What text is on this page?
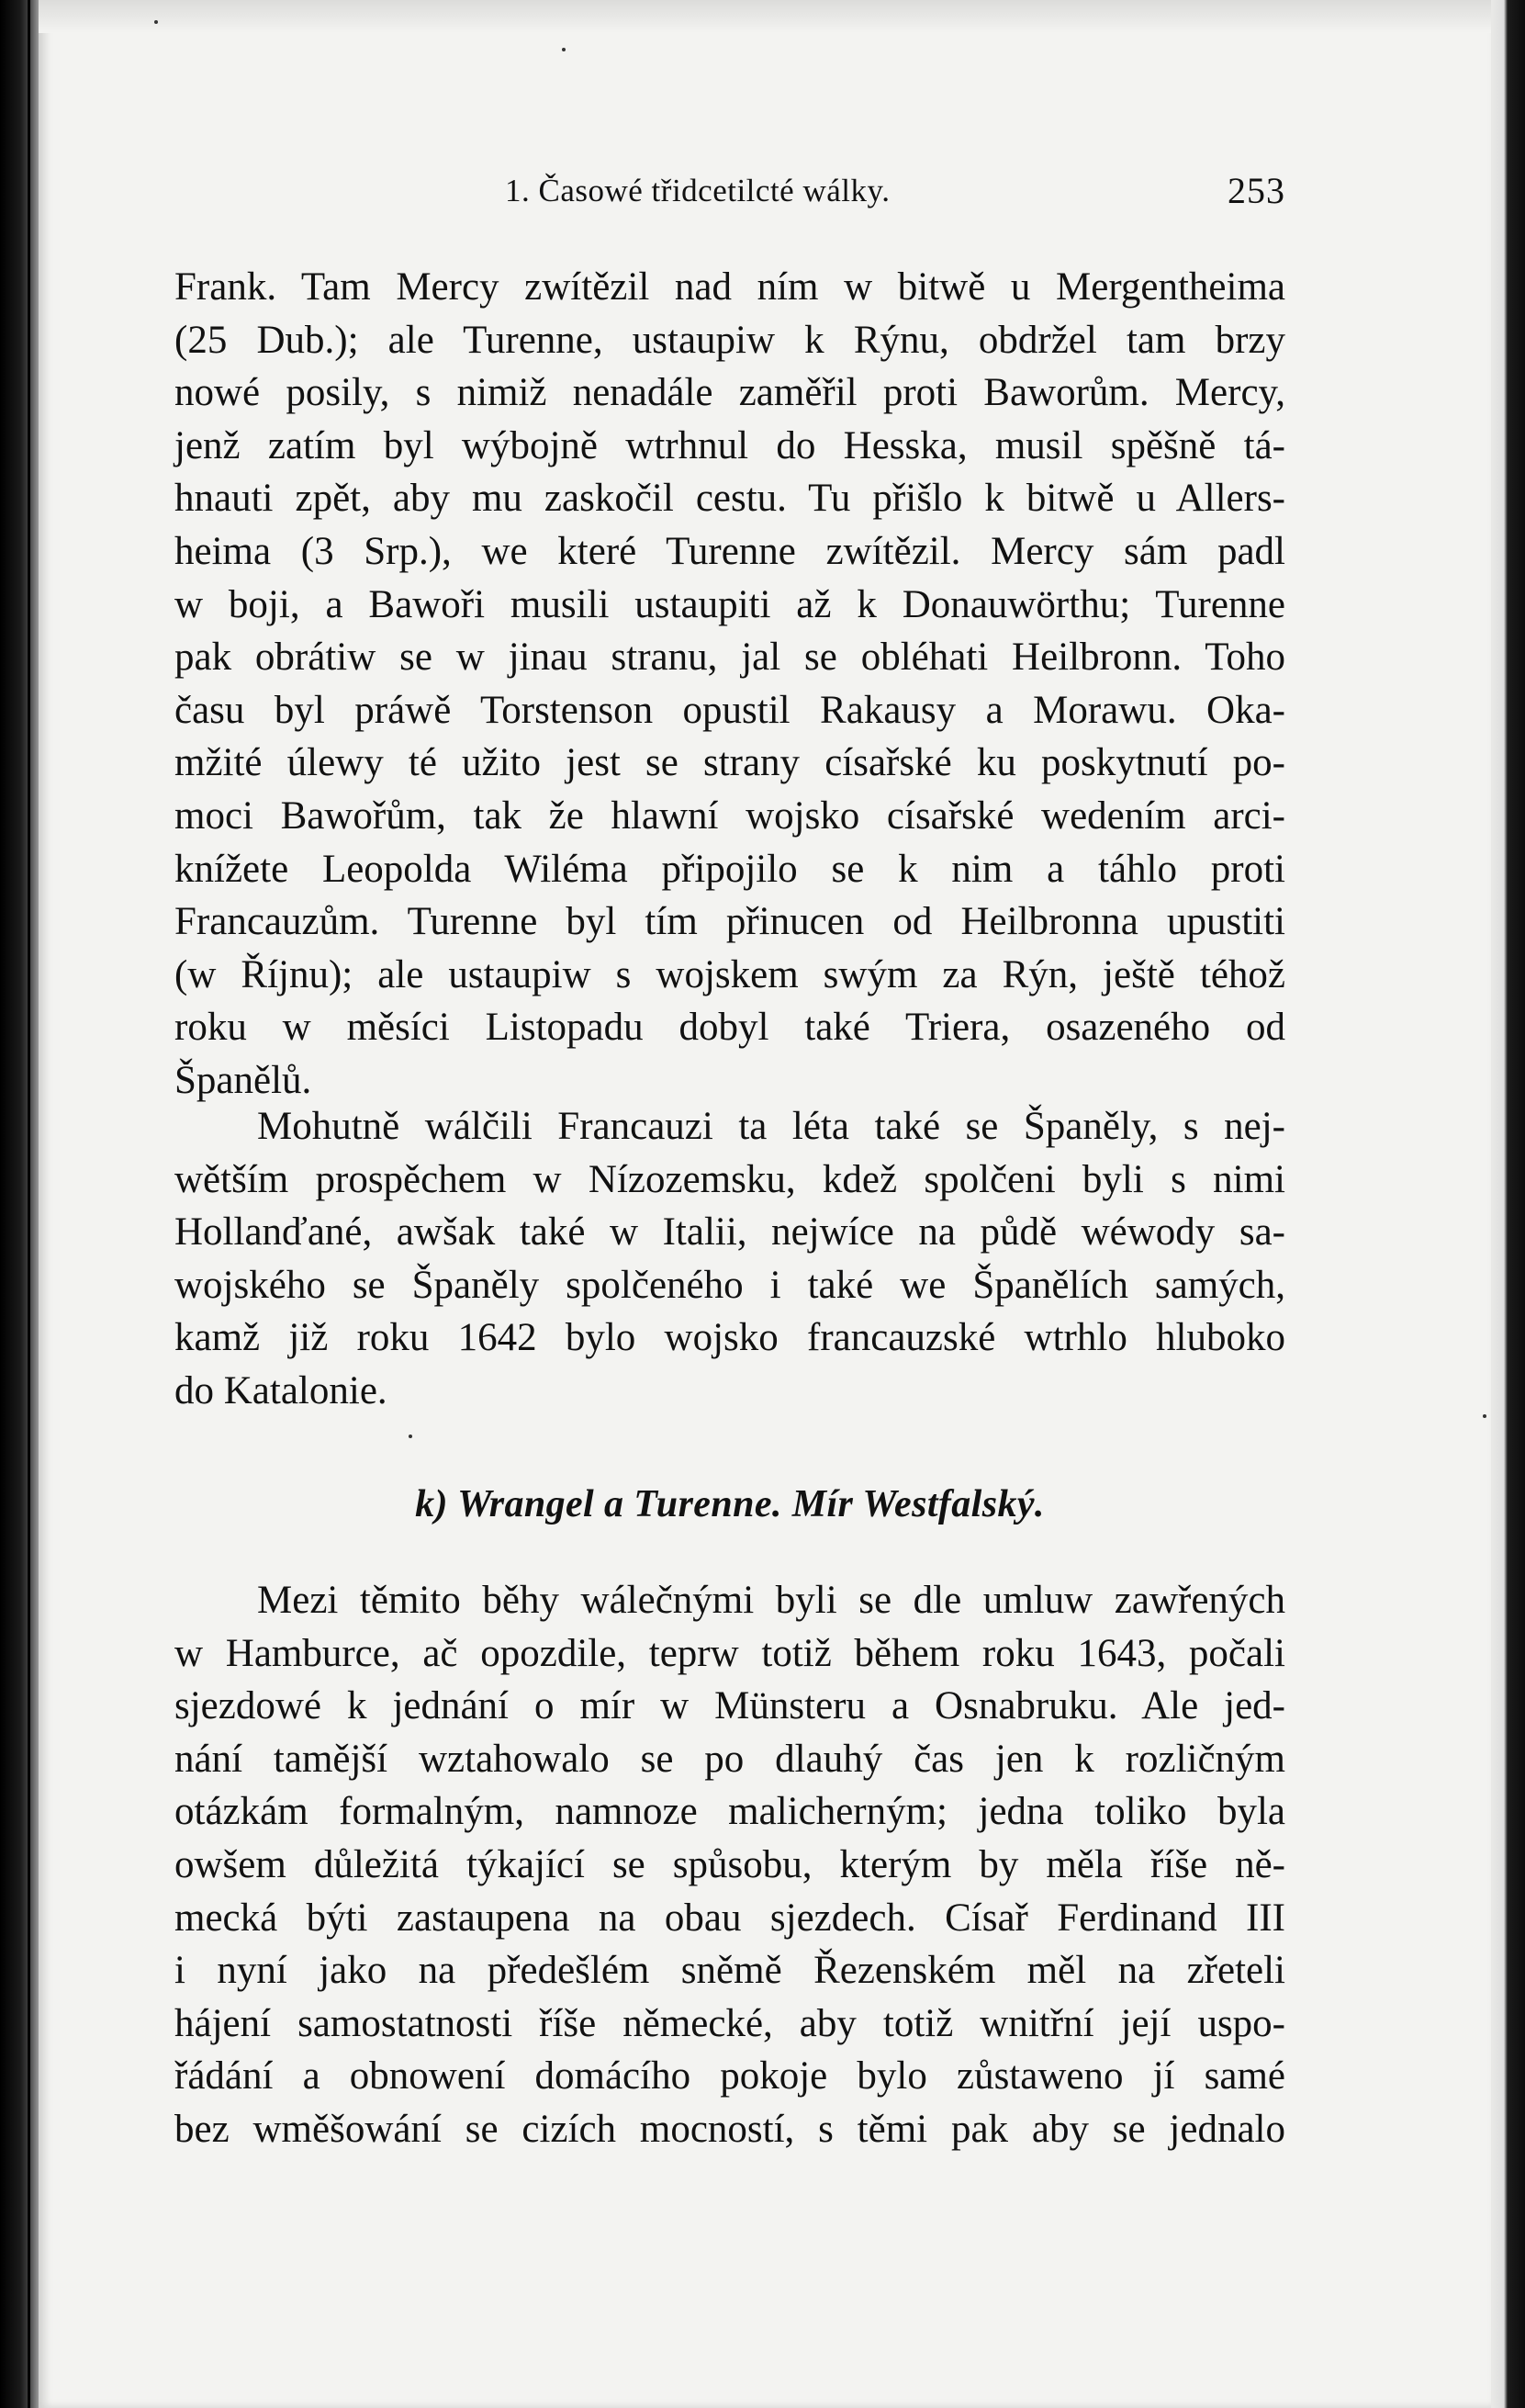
1. Časowé třidcetilcté wálky.	253
Frank. Tam Mercy zwítězil nad ním w bitwě u Mergentheima
(25 Dub.); ale Turenne, ustaupiw k Rýnu, obdržel tam brzy
nowé posily, s nimiž nenadále zaměřil proti Baworům. Mercy,
jenž zatím byl wýbojně wtrhnul do Hesska, musil spěšně tá-
hnauti zpět, aby mu zaskočil cestu. Tu přišlo k bitwě u Allers-
heima (3 Srp.), we které Turenne zwítězil. Mercy sám padl
w boji, a Bawoři musili ustaupiti až k Donauwörthu; Turenne
pak obrátiw se w jinau stranu, jal se obléhati Heilbronn. Toho
času byl práwě Torstenson opustil Rakausy a Morawu. Oka-
mžité úlewy té užito jest se strany císařské ku poskytnutí po-
moci Bawořům, tak že hlawní wojsko císařské wedením arci-
knížete Leopolda Wiléma připojilo se k nim a táhlo proti
Francauzům. Turenne byl tím přinucen od Heilbronna upustiti
(w Říjnu); ale ustaupiw s wojskem swým za Rýn, ještě téhož
roku w měsíci Listopadu dobyl také Triera, osazeného od
Španělů.
Mohutně wálčili Francauzi ta léta také se Španěly, s nej-
wětším prospěchem w Nízozemsku, kdež spolčeni byli s nimi
Hollanďané, awšak také w Italii, nejwíce na půdě wéwody sa-
wojského se Španěly spolčeného i také we Španělích samých,
kamž již roku 1642 bylo wojsko francauzské wtrhlo hluboko
do Katalonie.
k) Wrangel a Turenne. Mír Westfalský.
Mezi těmito běhy wálečnými byli se dle umluw zawřených
w Hamburce, ač opozdile, teprw totiž během roku 1643, počali
sjezdowé k jednání o mír w Münsteru a Osnabruku. Ale jed-
nání tamější wztahowalo se po dlauhý čas jen k rozličným
otázkám formalným, namnoze malicherným; jedna toliko byla
owšem důležitá týkající se spůsobu, kterým by měla říše ně-
mecká býti zastaupena na obau sjezdech. Císař Ferdinand III
i nyní jako na předešlém sněmě Řezenském měl na zřeteli
hájení samostatnosti říše německé, aby totiž wnitřní její uspo-
řádání a obnowení domácího pokoje bylo zůstaweno jí samé
bez wměšowání se cizích mocností, s těmi pak aby se jednalo
